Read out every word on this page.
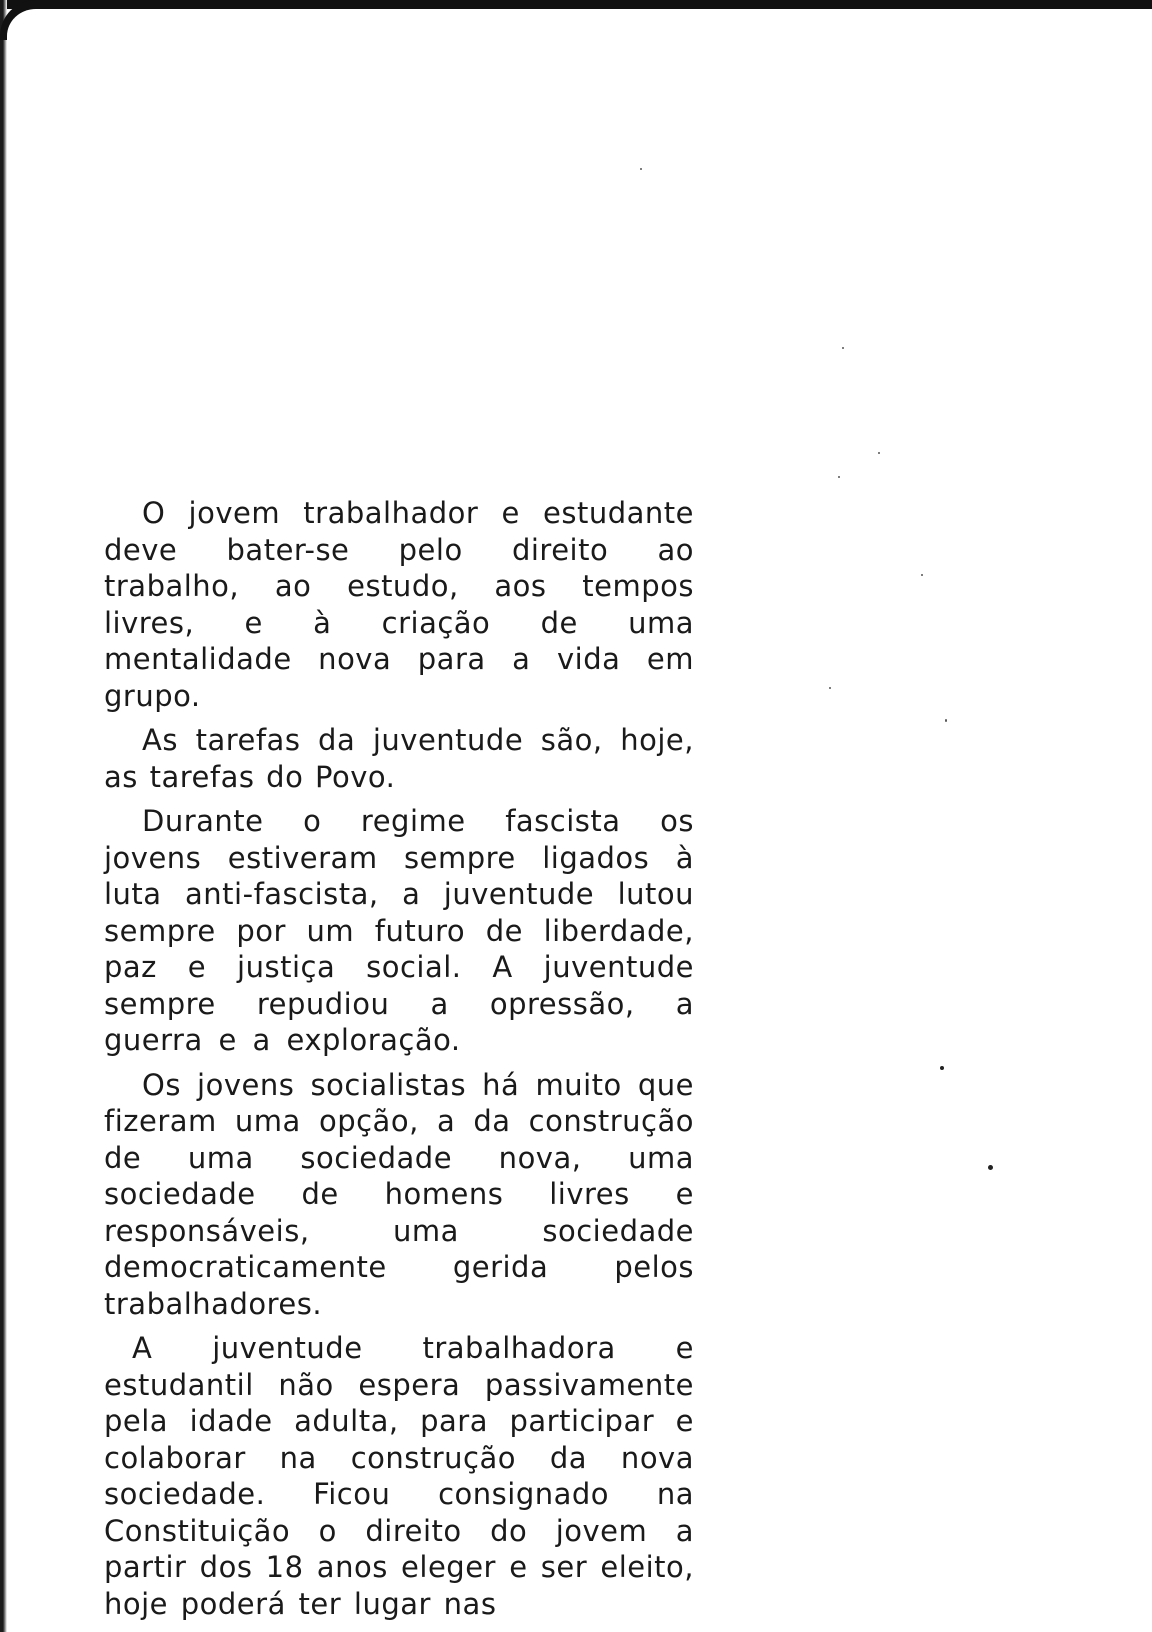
O jovem trabalhador e estudante deve bater-se pelo direito ao trabalho, ao estudo, aos tempos livres, e à criação de uma mentalidade nova para a vida em grupo.

As tarefas da juventude são, hoje, as tarefas do Povo.

Durante o regime fascista os jovens estiveram sempre ligados à luta anti-fascista, a juventude lutou sempre por um futuro de liberdade, paz e justiça social. A juventude sempre repudiou a opressão, a guerra e a exploração.

Os jovens socialistas há muito que fizeram uma opção, a da construção de uma sociedade nova, uma sociedade de homens livres e responsáveis, uma sociedade democraticamente gerida pelos trabalhadores.

A juventude trabalhadora e estudantil não espera passivamente pela idade adulta, para participar e colaborar na construção da nova sociedade. Ficou consignado na Constituição o direito do jovem a partir dos 18 anos eleger e ser eleito, hoje poderá ter lugar nas
